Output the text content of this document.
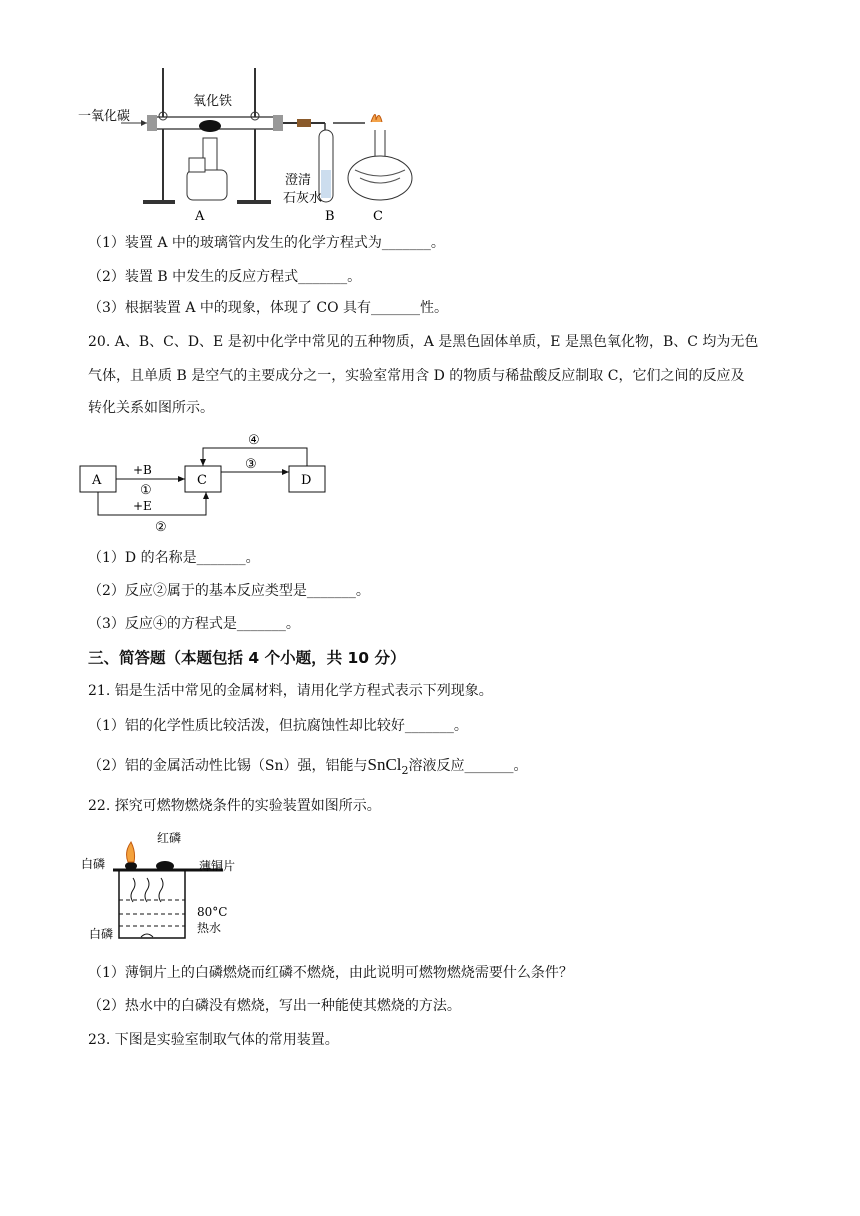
一氧化碳
氧化铁
澄清
石灰水
A	B	C
（1）装置 A 中的玻璃管内发生的化学方程式为_______。
（2）装置 B 中发生的反应方程式_______。
（3）根据装置 A 中的现象，体现了 CO 具有_______性。
20. A、B、C、D、E 是初中化学中常见的五种物质，A 是黑色固体单质，E 是黑色氧化物，B、C 均为无色
气体，且单质 B 是空气的主要成分之一，实验室常用含 D 的物质与稀盐酸反应制取 C，它们之间的反应及
转化关系如图所示。
A	C	D
+B
①
+E
②
③
④
（1）D 的名称是_______。
（2）反应②属于的基本反应类型是_______。
（3）反应④的方程式是_______。
三、简答题（本题包括 4 个小题，共 10 分）
21. 铝是生活中常见的金属材料，请用化学方程式表示下列现象。
（1）铝的化学性质比较活泼，但抗腐蚀性却比较好_______。
（2）铝的金属活动性比锡（Sn）强，铝能与SnCl$_2$溶液反应_______。
22. 探究可燃物燃烧条件的实验装置如图所示。
红磷
白磷	薄铜片
80°C
热水
白磷
（1）薄铜片上的白磷燃烧而红磷不燃烧，由此说明可燃物燃烧需要什么条件？
（2）热水中的白磷没有燃烧，写出一种能使其燃烧的方法。
23. 下图是实验室制取气体的常用装置。
